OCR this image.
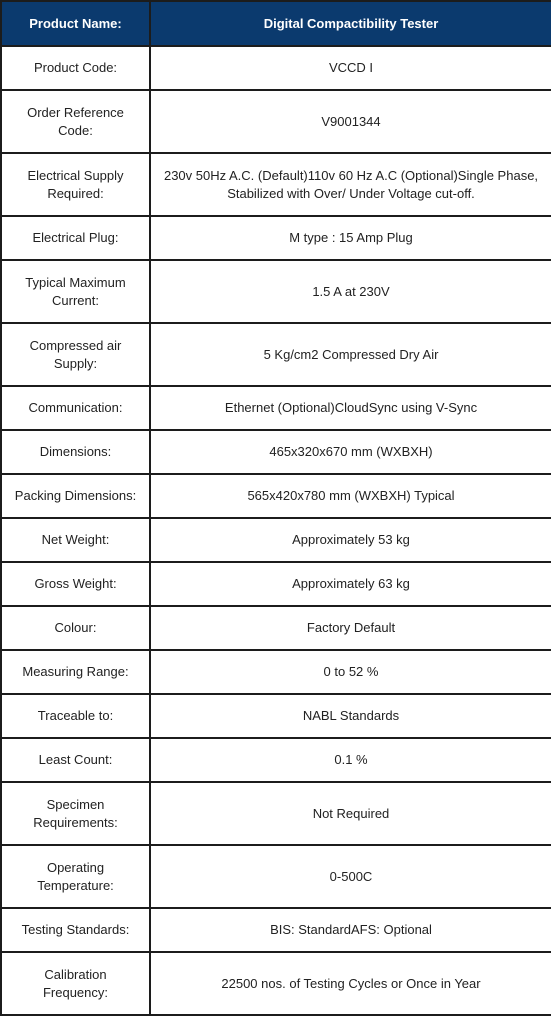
Product Name:	Digital Compactibility Tester
Product Code:	VCCD I
Order Reference Code:	V9001344
Electrical Supply Required:	230v 50Hz A.C. (Default)110v 60 Hz A.C (Optional)Single Phase, Stabilized with Over/ Under Voltage cut-off.
Electrical Plug:	M type : 15 Amp Plug
Typical Maximum Current:	1.5 A at 230V
Compressed air Supply:	5 Kg/cm2 Compressed Dry Air
Communication:	Ethernet (Optional)CloudSync using V-Sync
Dimensions:	465x320x670 mm (WXBXH)
Packing Dimensions:	565x420x780 mm (WXBXH) Typical
Net Weight:	Approximately 53 kg
Gross Weight:	Approximately 63 kg
Colour:	Factory Default
Measuring Range:	0 to 52 %
Traceable to:	NABL Standards
Least Count:	0.1 %
Specimen Requirements:	Not Required
Operating Temperature:	0-500C
Testing Standards:	BIS: StandardAFS: Optional
Calibration Frequency:	22500 nos. of Testing Cycles or Once in Year
